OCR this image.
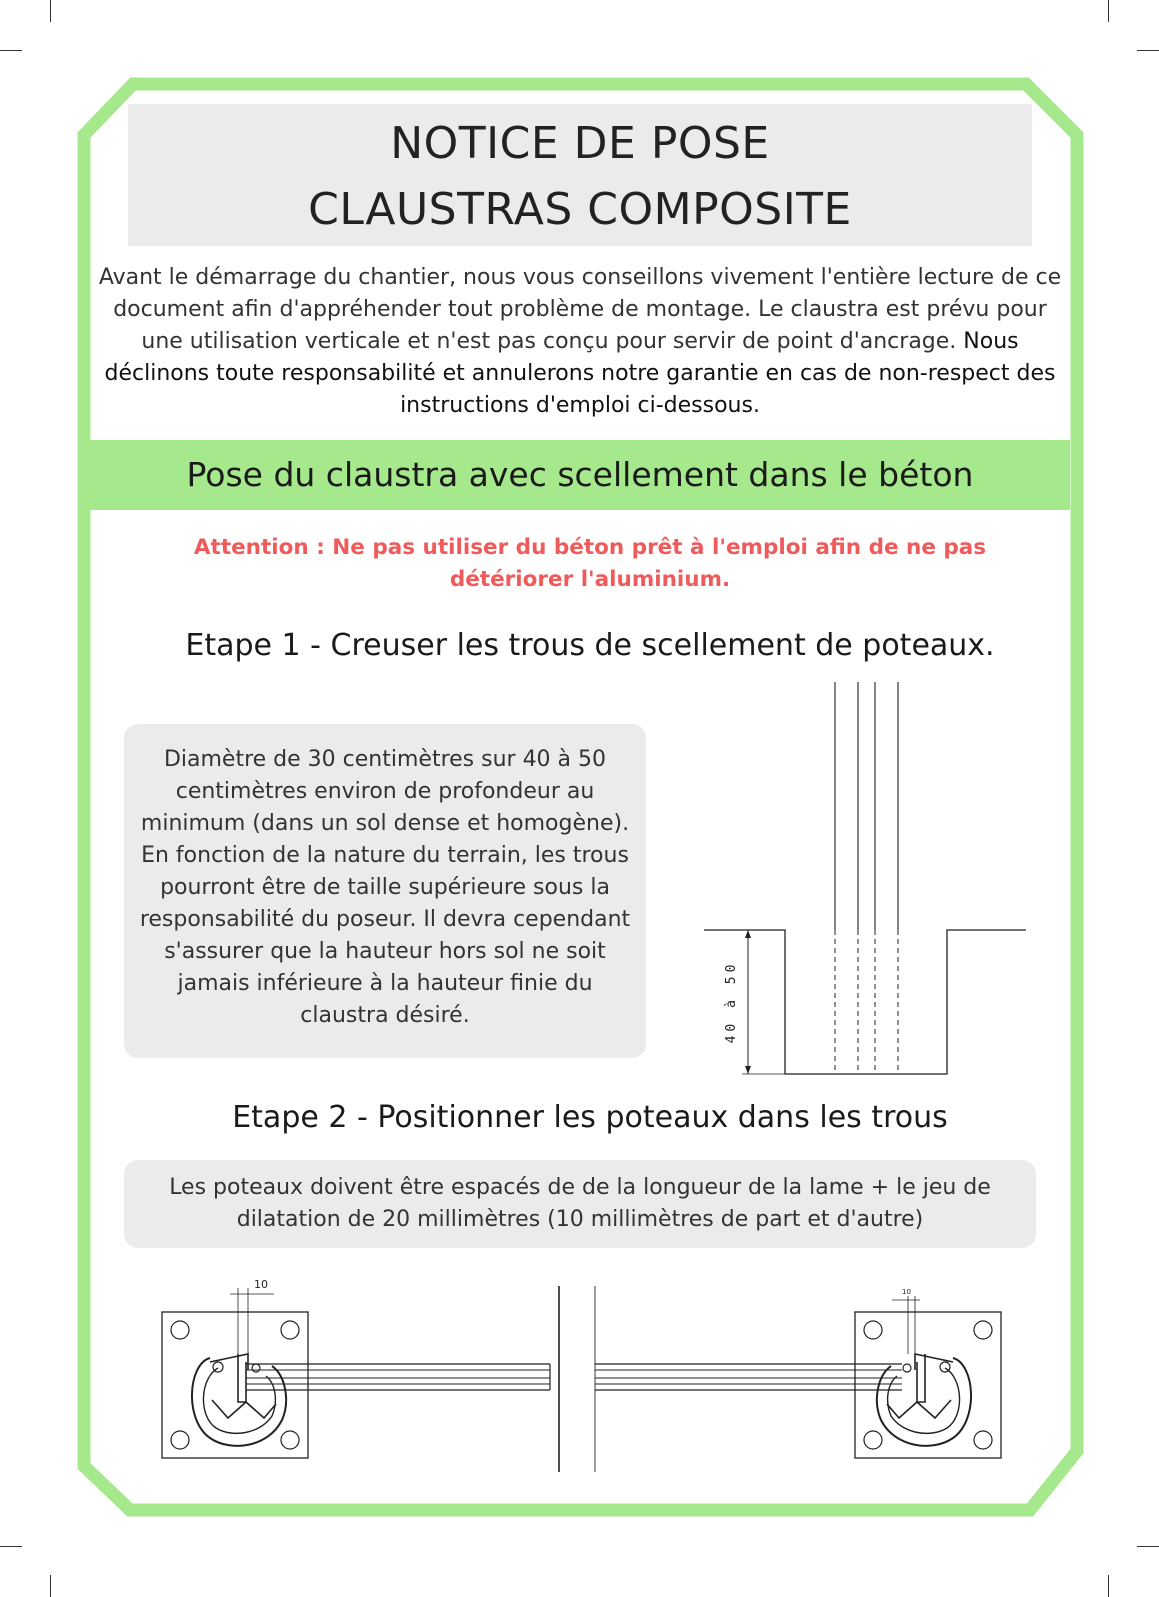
NOTICE DE POSE
CLAUSTRAS COMPOSITE
Avant le démarrage du chantier, nous vous conseillons vivement l'entière lecture de ce document afin d'appréhender tout problème de montage. Le claustra est prévu pour une utilisation verticale et n'est pas conçu pour servir de point d'ancrage. Nous déclinons toute responsabilité et annulerons notre garantie en cas de non-respect des instructions d'emploi ci-dessous.
Pose du claustra avec scellement dans le béton
Attention : Ne pas utiliser du béton prêt à l'emploi afin de ne pas détériorer l'aluminium.
Etape 1 - Creuser les trous de scellement de poteaux.
Diamètre de 30 centimètres sur 40 à 50 centimètres environ de profondeur au minimum (dans un sol dense et homogène). En fonction de la nature du terrain, les trous pourront être de taille supérieure sous la responsabilité du poseur. Il devra cependant s'assurer que la hauteur hors sol ne soit jamais inférieure à la hauteur finie du claustra désiré.	40 à 50
Etape 2 - Positionner les poteaux dans les trous
Les poteaux doivent être espacés de de la longueur de la lame + le jeu de dilatation de 20 millimètres (10 millimètres de part et d'autre)
10
10
